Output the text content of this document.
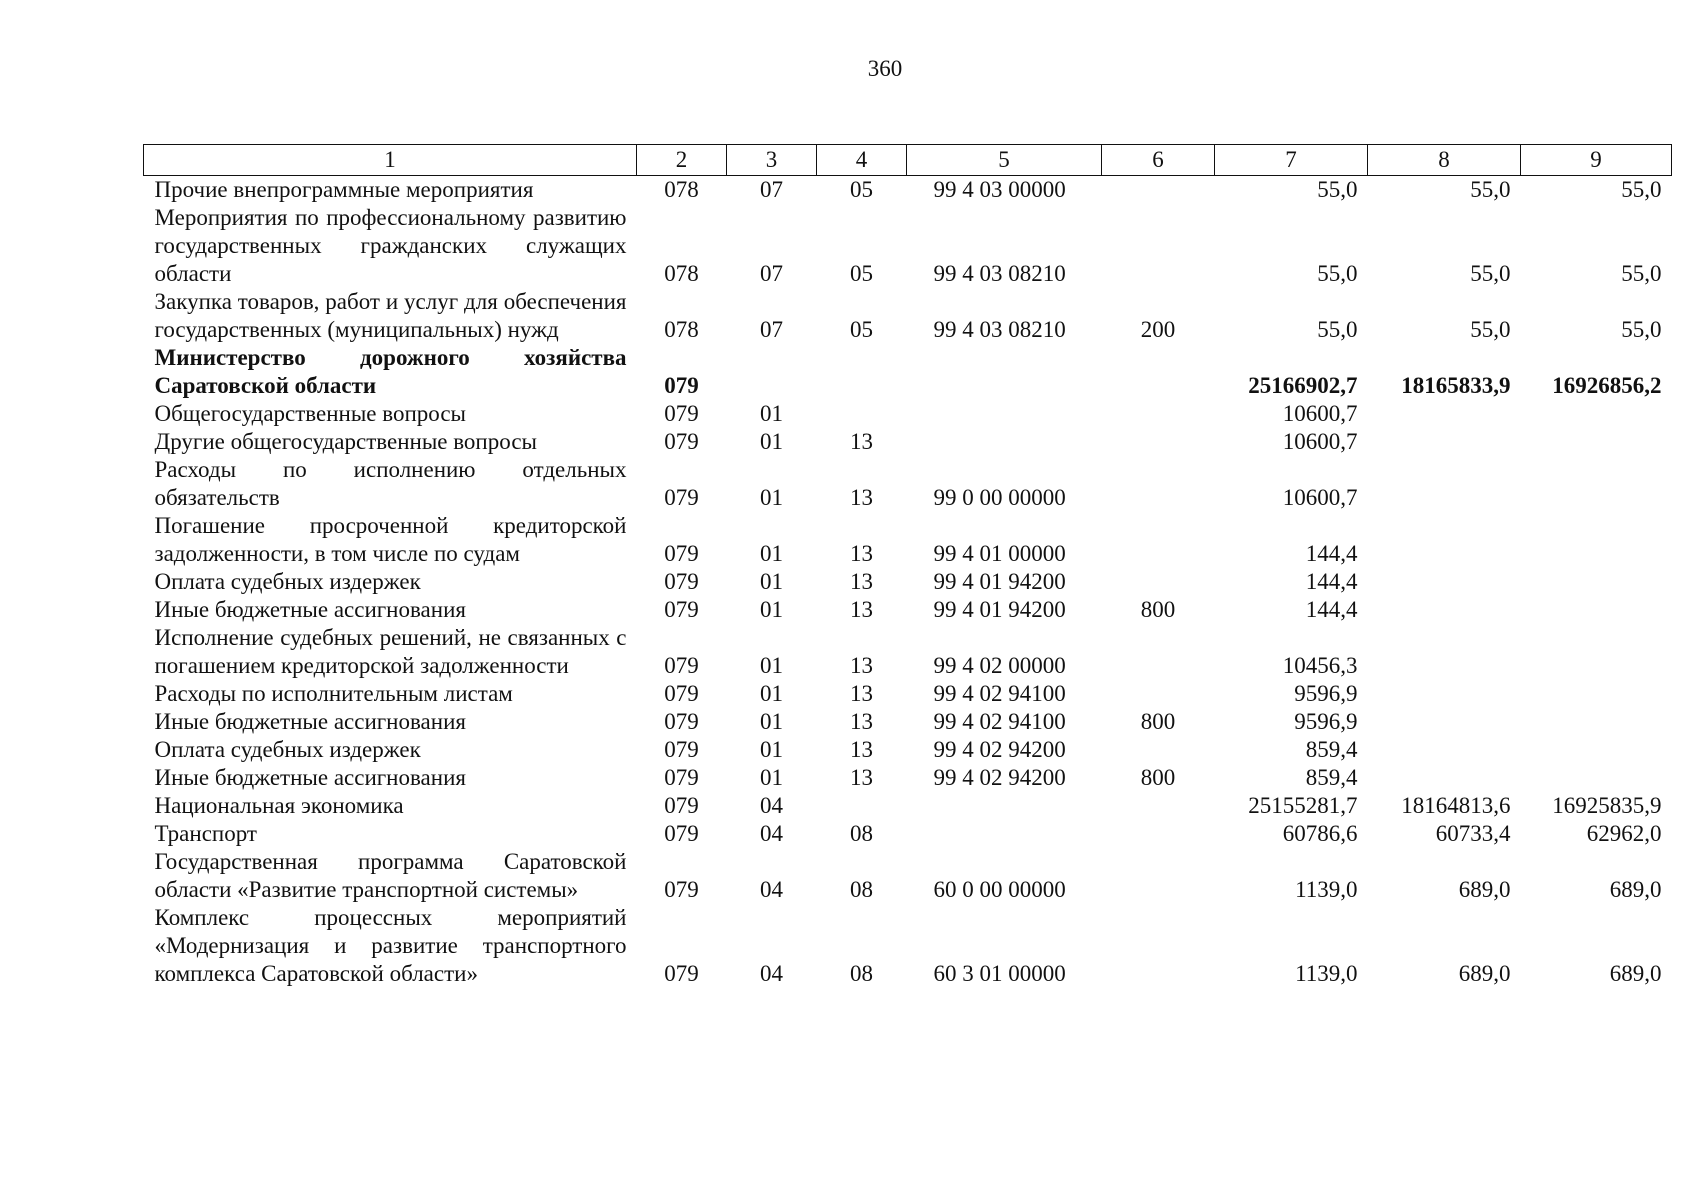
360
1	2	3	4	5	6	7	8	9
Прочие внепрограммные мероприятия	078	07	05	99 4 03 00000		55,0	55,0	55,0
Мероприятия по профессиональному развитию государственных гражданских служащих области	078	07	05	99 4 03 08210		55,0	55,0	55,0
Закупка товаров, работ и услуг для обеспечения государственных (муниципальных) нужд	078	07	05	99 4 03 08210	200	55,0	55,0	55,0
Министерство дорожного хозяйства Саратовской области	079					25166902,7	18165833,9	16926856,2
Общегосударственные вопросы	079	01				10600,7		
Другие общегосударственные вопросы	079	01	13			10600,7		
Расходы по исполнению отдельных обязательств	079	01	13	99 0 00 00000		10600,7		
Погашение просроченной кредиторской задолженности, в том числе по судам	079	01	13	99 4 01 00000		144,4		
Оплата судебных издержек	079	01	13	99 4 01 94200		144,4		
Иные бюджетные ассигнования	079	01	13	99 4 01 94200	800	144,4		
Исполнение судебных решений, не связанных с погашением кредиторской задолженности	079	01	13	99 4 02 00000		10456,3		
Расходы по исполнительным листам	079	01	13	99 4 02 94100		9596,9		
Иные бюджетные ассигнования	079	01	13	99 4 02 94100	800	9596,9		
Оплата судебных издержек	079	01	13	99 4 02 94200		859,4		
Иные бюджетные ассигнования	079	01	13	99 4 02 94200	800	859,4		
Национальная экономика	079	04				25155281,7	18164813,6	16925835,9
Транспорт	079	04	08			60786,6	60733,4	62962,0
Государственная программа Саратовской области «Развитие транспортной системы»	079	04	08	60 0 00 00000		1139,0	689,0	689,0
Комплекс процессных мероприятий «Модернизация и развитие транспортного комплекса Саратовской области»	079	04	08	60 3 01 00000		1139,0	689,0	689,0
